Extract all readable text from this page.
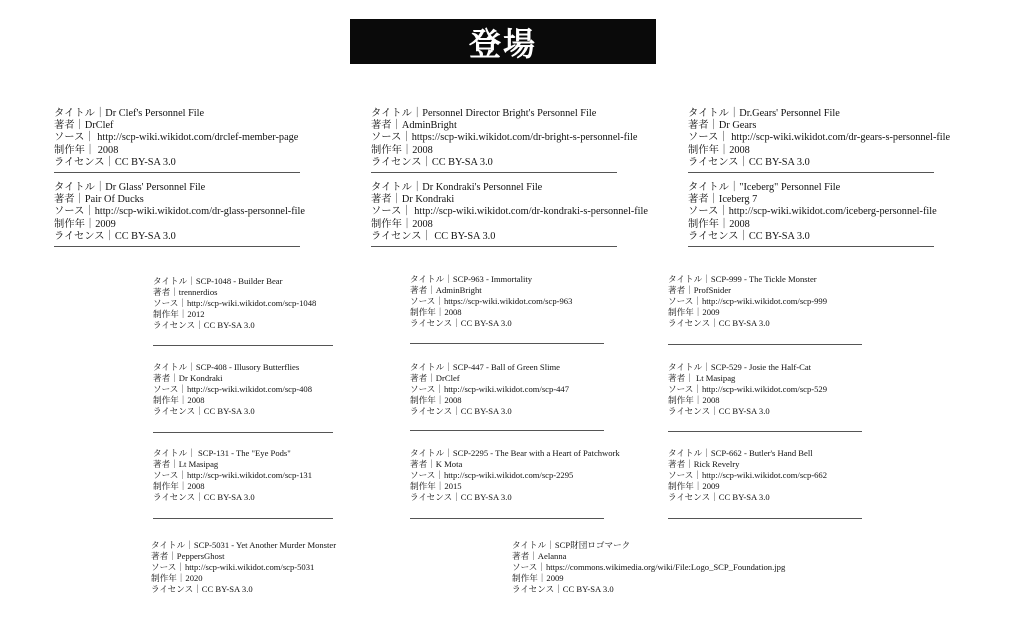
登場
タイトル｜Dr Clef's Personnel File
著者｜DrClef
ソース｜ http://scp-wiki.wikidot.com/drclef-member-page
制作年｜ 2008
ライセンス｜CC BY-SA 3.0
タイトル｜Personnel Director Bright's Personnel File
著者｜AdminBright
ソース｜https://scp-wiki.wikidot.com/dr-bright-s-personnel-file
制作年｜2008
ライセンス｜CC BY-SA 3.0
タイトル｜Dr.Gears' Personnel File
著者｜Dr Gears
ソース｜ http://scp-wiki.wikidot.com/dr-gears-s-personnel-file
制作年｜2008
ライセンス｜CC BY-SA 3.0
タイトル｜Dr Glass' Personnel File
著者｜Pair Of Ducks
ソース｜http://scp-wiki.wikidot.com/dr-glass-personnel-file
制作年｜2009
ライセンス｜CC BY-SA 3.0
タイトル｜Dr Kondraki's Personnel File
著者｜Dr Kondraki
ソース｜ http://scp-wiki.wikidot.com/dr-kondraki-s-personnel-file
制作年｜2008
ライセンス｜ CC BY-SA 3.0
タイトル｜"Iceberg" Personnel File
著者｜Iceberg 7
ソース｜http://scp-wiki.wikidot.com/iceberg-personnel-file
制作年｜2008
ライセンス｜CC BY-SA 3.0
タイトル｜SCP-1048 - Builder Bear
著者｜trennerdios
ソース｜http://scp-wiki.wikidot.com/scp-1048
制作年｜2012
ライセンス｜CC BY-SA 3.0
タイトル｜SCP-963 - Immortality
著者｜AdminBright
ソース｜https://scp-wiki.wikidot.com/scp-963
制作年｜2008
ライセンス｜CC BY-SA 3.0
タイトル｜SCP-999 - The Tickle Monster
著者｜ProfSnider
ソース｜http://scp-wiki.wikidot.com/scp-999
制作年｜2009
ライセンス｜CC BY-SA 3.0
タイトル｜SCP-408 - Illusory Butterflies
著者｜Dr Kondraki
ソース｜http://scp-wiki.wikidot.com/scp-408
制作年｜2008
ライセンス｜CC BY-SA 3.0
タイトル｜SCP-447 - Ball of Green Slime
著者｜DrClef
ソース｜http://scp-wiki.wikidot.com/scp-447
制作年｜2008
ライセンス｜CC BY-SA 3.0
タイトル｜SCP-529 - Josie the Half-Cat
著者｜ Lt Masipag
ソース｜http://scp-wiki.wikidot.com/scp-529
制作年｜2008
ライセンス｜CC BY-SA 3.0
タイトル｜ SCP-131 - The "Eye Pods"
著者｜Lt Masipag
ソース｜http://scp-wiki.wikidot.com/scp-131
制作年｜2008
ライセンス｜CC BY-SA 3.0
タイトル｜SCP-2295 - The Bear with a Heart of Patchwork
著者｜K Mota
ソース｜http://scp-wiki.wikidot.com/scp-2295
制作年｜2015
ライセンス｜CC BY-SA 3.0
タイトル｜SCP-662 - Butler's Hand Bell
著者｜Rick Revelry
ソース｜http://scp-wiki.wikidot.com/scp-662
制作年｜2009
ライセンス｜CC BY-SA 3.0
タイトル｜SCP-5031 - Yet Another Murder Monster
著者｜PeppersGhost
ソース｜http://scp-wiki.wikidot.com/scp-5031
制作年｜2020
ライセンス｜CC BY-SA 3.0
タイトル｜SCP財団ロゴマーク
著者｜Aelanna
ソース｜https://commons.wikimedia.org/wiki/File:Logo_SCP_Foundation.jpg
制作年｜2009
ライセンス｜CC BY-SA 3.0
